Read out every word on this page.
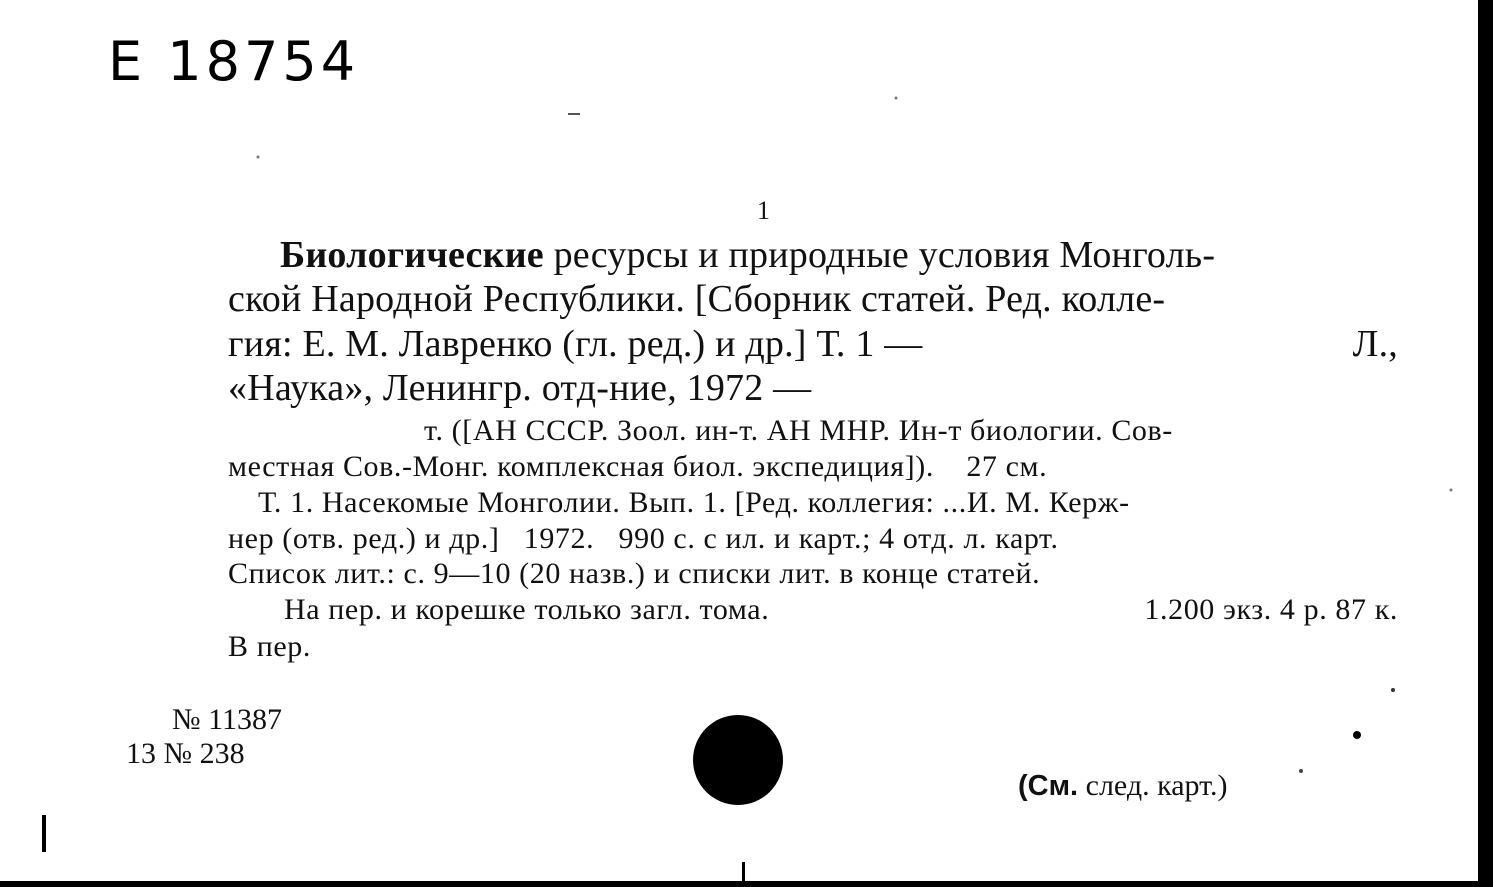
Е 18754
1
Биологические ресурсы и природные условия Монголь-
ской Народной Республики. [Сборник статей. Ред. колле-
гия: Е. М. Лавренко (гл. ред.) и др.] Т. 1 —	Л.,
«Наука», Ленингр. отд-ние, 1972 —
т. ([АН СССР. Зоол. ин-т. АН МНР. Ин-т биологии. Сов-
местная Сов.-Монг. комплексная биол. экспедиция]).    27 см.
Т. 1. Насекомые Монголии. Вып. 1. [Ред. коллегия: ...И. М. Керж-
нер (отв. ред.) и др.]   1972.   990 с. с ил. и карт.; 4 отд. л. карт.
Список лит.: с. 9—10 (20 назв.) и списки лит. в конце статей.
На пер. и корешке только загл. тома.	1.200 экз. 4 р. 87 к.
В пер.
№ 11387
13 № 238
(См. след. карт.)
